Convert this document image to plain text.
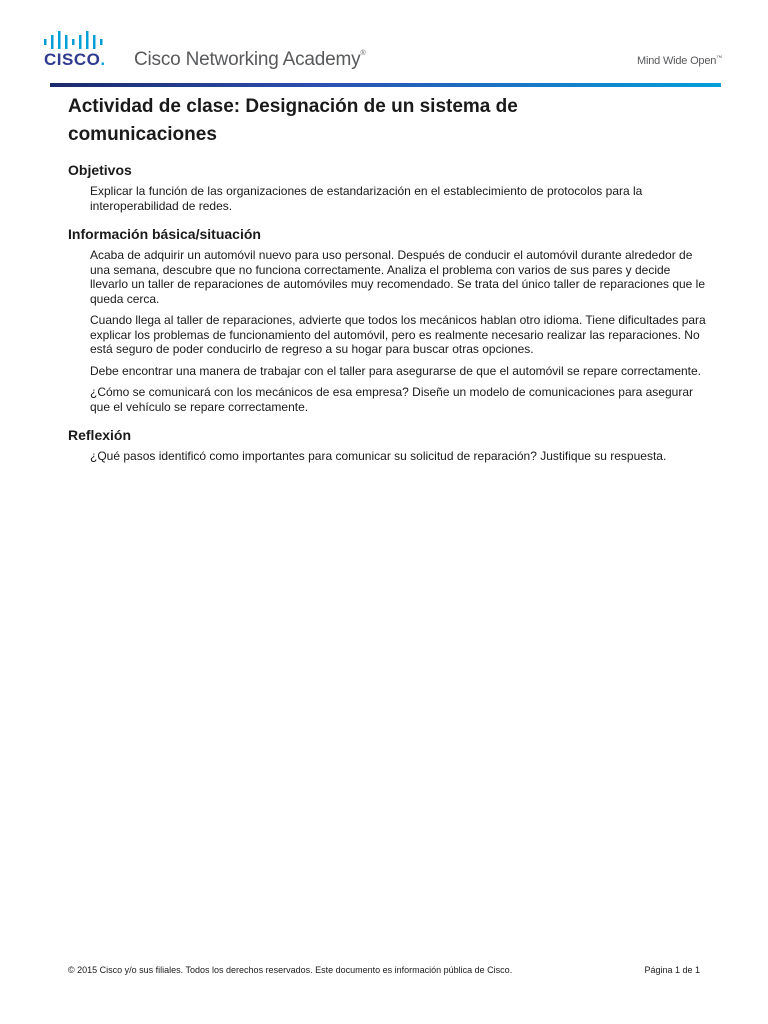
CISCO. Cisco Networking Academy®
Mind Wide Open™
Actividad de clase: Designación de un sistema de comunicaciones
Objetivos

Explicar la función de las organizaciones de estandarización en el establecimiento de protocolos para la interoperabilidad de redes.

Información básica/situación

Acaba de adquirir un automóvil nuevo para uso personal. Después de conducir el automóvil durante alrededor de una semana, descubre que no funciona correctamente. Analiza el problema con varios de sus pares y decide llevarlo un taller de reparaciones de automóviles muy recomendado. Se trata del único taller de reparaciones que le queda cerca.

Cuando llega al taller de reparaciones, advierte que todos los mecánicos hablan otro idioma. Tiene dificultades para explicar los problemas de funcionamiento del automóvil, pero es realmente necesario realizar las reparaciones. No está seguro de poder conducirlo de regreso a su hogar para buscar otras opciones.

Debe encontrar una manera de trabajar con el taller para asegurarse de que el automóvil se repare correctamente.

¿Cómo se comunicará con los mecánicos de esa empresa? Diseñe un modelo de comunicaciones para asegurar que el vehículo se repare correctamente.

Reflexión

¿Qué pasos identificó como importantes para comunicar su solicitud de reparación? Justifique su respuesta.

© 2015 Cisco y/o sus filiales. Todos los derechos reservados. Este documento es información pública de Cisco.	Página 1 de 1
